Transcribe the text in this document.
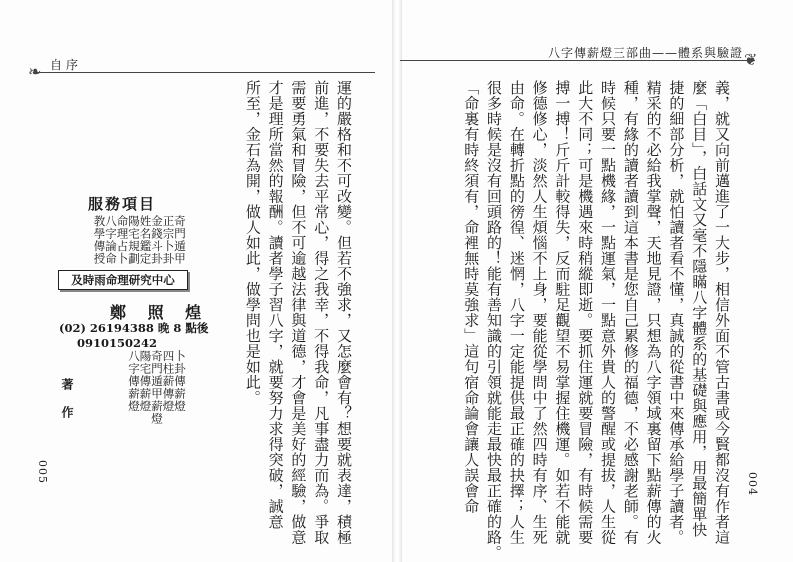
自序
❧
運的嚴格和不可改變。但若不強求，又怎麼會有？想要就表達，積極
前進，不要失去平常心，得之我幸，不得我命，凡事盡力而為。爭取
需要勇氣和冒險，但不可逾越法律與道德，才會是美好的經驗，做意
才是理所當然的報酬。讀者學子習八字，就要努力求得突破，誠意
所至，金石為開，做人如此，做學問也是如此。
服務項目
奇門遁甲
正宗卜卦
金錢斗卦
姓名鑑定
陽宅規劃
命理占卜
八字論命
教學傳授
及時雨命理研究中心
鄭 照 煌
(02) 26194388 晚 8 點後
0910150242
卜卦傳薪燈
四柱薪傳燈
奇門遁甲薪燈
陽宅傳薪燈
八字傳薪燈
著 作
005
八字傳薪燈三部曲——體系與驗證 ❦
義，就又向前邁進了一大步，相信外面不管古書或今賢都沒有作者這
麼「白目」，白話文又毫不隱瞞八字體系的基礎與應用，用最簡單快
捷的細部分析，就怕讀者看不懂，真誠的從書中來傳承給學子讀者。
精采的不必給我掌聲，天地見證，只想為八字領域裏留下點薪傳的火
種，有緣的讀者讀到這本書是您自己累修的福德，不必感謝老師。有
時候只要一點機緣，一點運氣，一點意外貴人的警醒或提拔，人生從
此大不同；可是機遇來時稍縱即逝。要抓住運就要冒險，有時候需要
搏一搏！斤斤計較得失，反而駐足觀望不易掌握住機運。如若不能就
修德修心，淡然人生煩惱不上身，要能從學問中了然四時有序、生死
由命。在轉折點的徬徨、迷惘，八字一定能提供最正確的抉擇；人生
很多時候是沒有回頭路的！能有善知識的引領就能走最快最正確的路。
「命裏有時終須有，命裡無時莫強求」這句宿命論會讓人誤會命	004
